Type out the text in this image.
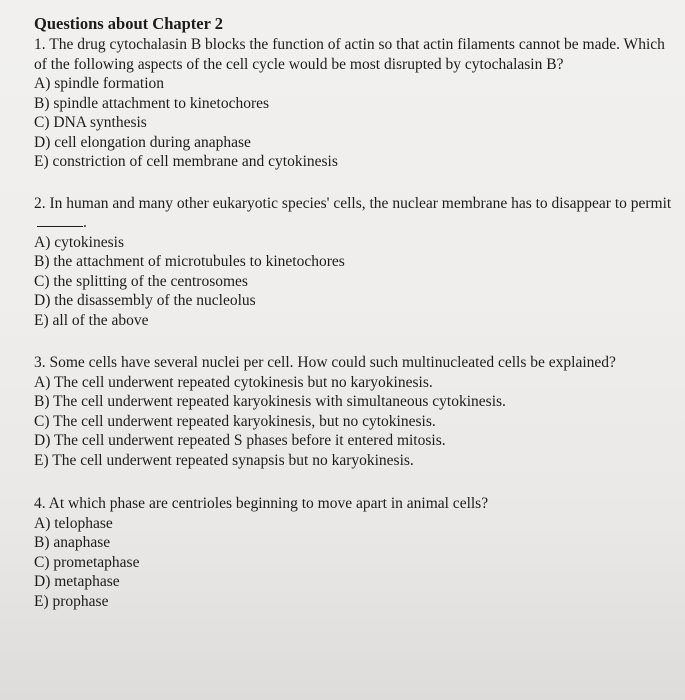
Questions about Chapter 2
1. The drug cytochalasin B blocks the function of actin so that actin filaments cannot be made. Which of the following aspects of the cell cycle would be most disrupted by cytochalasin B?
A) spindle formation
B) spindle attachment to kinetochores
C) DNA synthesis
D) cell elongation during anaphase
E) constriction of cell membrane and cytokinesis
2. In human and many other eukaryotic species' cells, the nuclear membrane has to disappear to permit.
A) cytokinesis
B) the attachment of microtubules to kinetochores
C) the splitting of the centrosomes
D) the disassembly of the nucleolus
E) all of the above
3. Some cells have several nuclei per cell. How could such multinucleated cells be explained?
A) The cell underwent repeated cytokinesis but no karyokinesis.
B) The cell underwent repeated karyokinesis with simultaneous cytokinesis.
C) The cell underwent repeated karyokinesis, but no cytokinesis.
D) The cell underwent repeated S phases before it entered mitosis.
E) The cell underwent repeated synapsis but no karyokinesis.
4. At which phase are centrioles beginning to move apart in animal cells?
A) telophase
B) anaphase
C) prometaphase
D) metaphase
E) prophase
